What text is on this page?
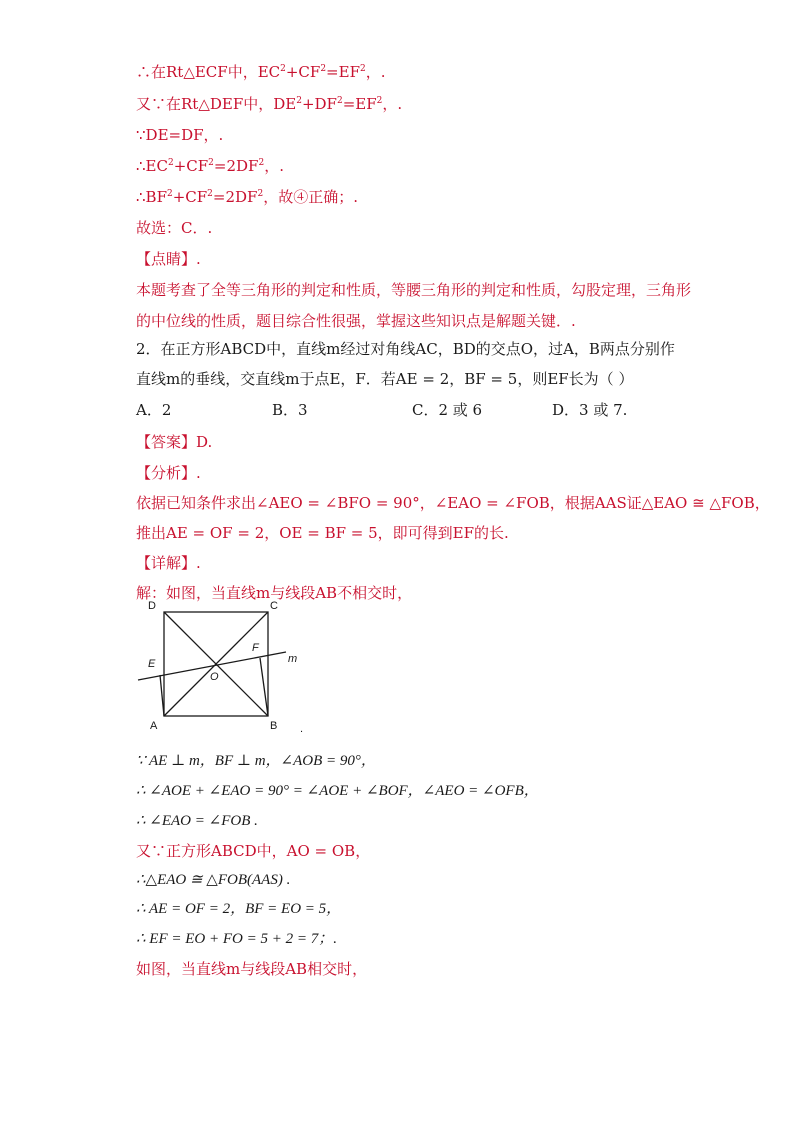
∴在Rt△ECF中，$EC^2+CF^2=EF^2$，.
又∵在Rt△DEF中，$DE^2+DF^2=EF^2$，.
∵DE=DF，.
$\therefore EC^2+CF^2=2DF^2$，.
$\therefore BF^2+CF^2=2DF^2$，故④正确；.
故选：C．.
【点睛】.
本题考查了全等三角形的判定和性质，等腰三角形的判定和性质，勾股定理，三角形
的中位线的性质，题目综合性很强，掌握这些知识点是解题关键．.
2．在正方形ABCD中，直线m经过对角线AC，BD的交点O，过A，B两点分别作
直线m的垂线，交直线m于点E，F．若AE = 2，BF = 5，则EF长为（ ）
A．2	B．3	C．2 或 6	D．3 或 7.
【答案】D.
【分析】.
依据已知条件求出∠AEO = ∠BFO = 90°，∠EAO = ∠FOB，根据AAS证△EAO ≅ △FOB，
推出AE = OF = 2，OE = BF = 5，即可得到EF的长.
【详解】.
解：如图，当直线m与线段AB不相交时，
D	C
A	B
E
F
O
m
.
∵ AE ⊥ m，BF ⊥ m，∠AOB = 90°，
∴ ∠AOE + ∠EAO = 90° = ∠AOE + ∠BOF，∠AEO = ∠OFB，
∴ ∠EAO = ∠FOB .
又∵正方形ABCD中，AO = OB，
∴△EAO ≅ △FOB(AAS) .
∴ AE = OF = 2，BF = EO = 5，
∴ EF = EO + FO = 5 + 2 = 7；.
如图，当直线m与线段AB相交时，
